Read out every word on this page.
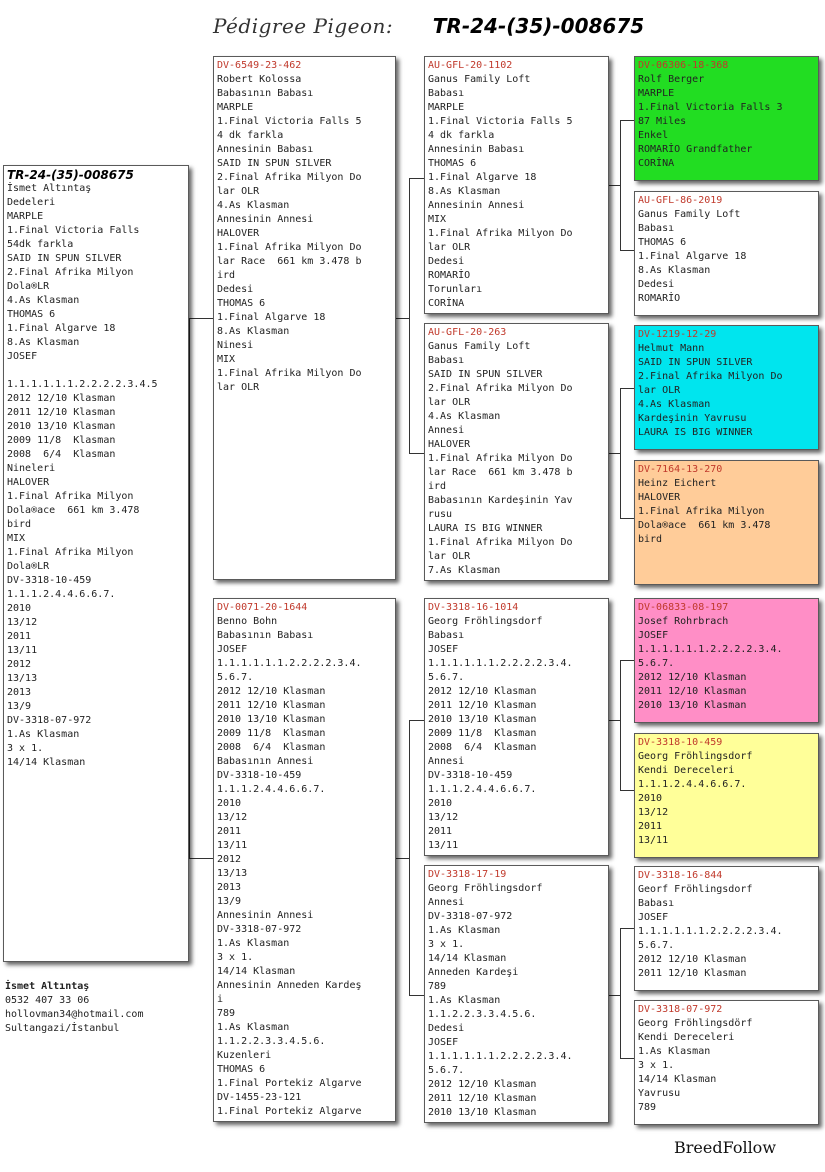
Pédigree Pigeon: TR-24-(35)-008675
TR-24-(35)-008675
İsmet Altıntaş
Dedeleri
MARPLE
1.Final Victoria Falls
54dk farkla
SAID IN SPUN SILVER
2.Final Afrika Milyon
Dola®LR
4.As Klasman
THOMAS 6
1.Final Algarve 18
8.As Klasman
JOSEF

1.1.1.1.1.1.2.2.2.2.3.4.5
2012 12/10 Klasman
2011 12/10 Klasman
2010 13/10 Klasman
2009 11/8  Klasman
2008  6/4  Klasman
Nineleri
HALOVER
1.Final Afrika Milyon
Dola®ace  661 km 3.478
bird
MIX
1.Final Afrika Milyon
Dola®LR
DV-3318-10-459
1.1.1.2.4.4.6.6.7.
2010
13/12
2011
13/11
2012
13/13
2013
13/9
DV-3318-07-972
1.As Klasman
3 x 1.
14/14 Klasman
DV-6549-23-462
Robert Kolossa
Babasının Babası
MARPLE
1.Final Victoria Falls 5
4 dk farkla
Annesinin Babası
SAID IN SPUN SILVER
2.Final Afrika Milyon Do
lar OLR
4.As Klasman
Annesinin Annesi
HALOVER
1.Final Afrika Milyon Do
lar Race  661 km 3.478 b
ird
Dedesi
THOMAS 6
1.Final Algarve 18
8.As Klasman
Ninesi
MIX
1.Final Afrika Milyon Do
lar OLR
DV-0071-20-1644
Benno Bohn
Babasının Babası
JOSEF
1.1.1.1.1.1.2.2.2.2.3.4.
5.6.7.
2012 12/10 Klasman
2011 12/10 Klasman
2010 13/10 Klasman
2009 11/8  Klasman
2008  6/4  Klasman
Babasının Annesi
DV-3318-10-459
1.1.1.2.4.4.6.6.7.
2010
13/12
2011
13/11
2012
13/13
2013
13/9
Annesinin Annesi
DV-3318-07-972
1.As Klasman
3 x 1.
14/14 Klasman
Annesinin Anneden Kardeş
i
789
1.As Klasman
1.1.2.2.3.3.4.5.6.
Kuzenleri
THOMAS 6
1.Final Portekiz Algarve
DV-1455-23-121
1.Final Portekiz Algarve
AU-GFL-20-1102
Ganus Family Loft
Babası
MARPLE
1.Final Victoria Falls 5
4 dk farkla
Annesinin Babası
THOMAS 6
1.Final Algarve 18
8.As Klasman
Annesinin Annesi
MIX
1.Final Afrika Milyon Do
lar OLR
Dedesi
ROMARİO
Torunları
CORİNA
AU-GFL-20-263
Ganus Family Loft
Babası
SAID IN SPUN SILVER
2.Final Afrika Milyon Do
lar OLR
4.As Klasman
Annesi
HALOVER
1.Final Afrika Milyon Do
lar Race  661 km 3.478 b
ird
Babasının Kardeşinin Yav
rusu
LAURA IS BIG WINNER
1.Final Afrika Milyon Do
lar OLR
7.As Klasman
DV-3318-16-1014
Georg Fröhlingsdorf
Babası
JOSEF
1.1.1.1.1.1.2.2.2.2.3.4.
5.6.7.
2012 12/10 Klasman
2011 12/10 Klasman
2010 13/10 Klasman
2009 11/8  Klasman
2008  6/4  Klasman
Annesi
DV-3318-10-459
1.1.1.2.4.4.6.6.7.
2010
13/12
2011
13/11
DV-3318-17-19
Georg Fröhlingsdorf
Annesi
DV-3318-07-972
1.As Klasman
3 x 1.
14/14 Klasman
Anneden Kardeşi
789
1.As Klasman
1.1.2.2.3.3.4.5.6.
Dedesi
JOSEF
1.1.1.1.1.1.2.2.2.2.3.4.
5.6.7.
2012 12/10 Klasman
2011 12/10 Klasman
2010 13/10 Klasman
DV-06306-18-368
Rolf Berger
MARPLE
1.Final Victoria Falls 3
87 Miles
Enkel
ROMARİO Grandfather
CORİNA
AU-GFL-86-2019
Ganus Family Loft
Babası
THOMAS 6
1.Final Algarve 18
8.As Klasman
Dedesi
ROMARİO
DV-1219-12-29
Helmut Mann
SAID IN SPUN SILVER
2.Final Afrika Milyon Do
lar OLR
4.As Klasman
Kardeşinin Yavrusu
LAURA IS BIG WINNER
DV-7164-13-270
Heinz Eichert
HALOVER
1.Final Afrika Milyon
Dola®ace  661 km 3.478
bird
DV-06833-08-197
Josef Rohrbrach
JOSEF
1.1.1.1.1.1.2.2.2.2.3.4.
5.6.7.
2012 12/10 Klasman
2011 12/10 Klasman
2010 13/10 Klasman
DV-3318-10-459
Georg Fröhlingsdorf
Kendi Dereceleri
1.1.1.2.4.4.6.6.7.
2010
13/12
2011
13/11
DV-3318-16-844
Georf Fröhlingsdorf
Babası
JOSEF
1.1.1.1.1.1.2.2.2.2.3.4.
5.6.7.
2012 12/10 Klasman
2011 12/10 Klasman
DV-3318-07-972
Georg Fröhlingsdörf
Kendi Dereceleri
1.As Klasman
3 x 1.
14/14 Klasman
Yavrusu
789
İsmet Altıntaş
0532 407 33 06
hollovman34@hotmail.com
Sultangazi/İstanbul
BreedFollow
